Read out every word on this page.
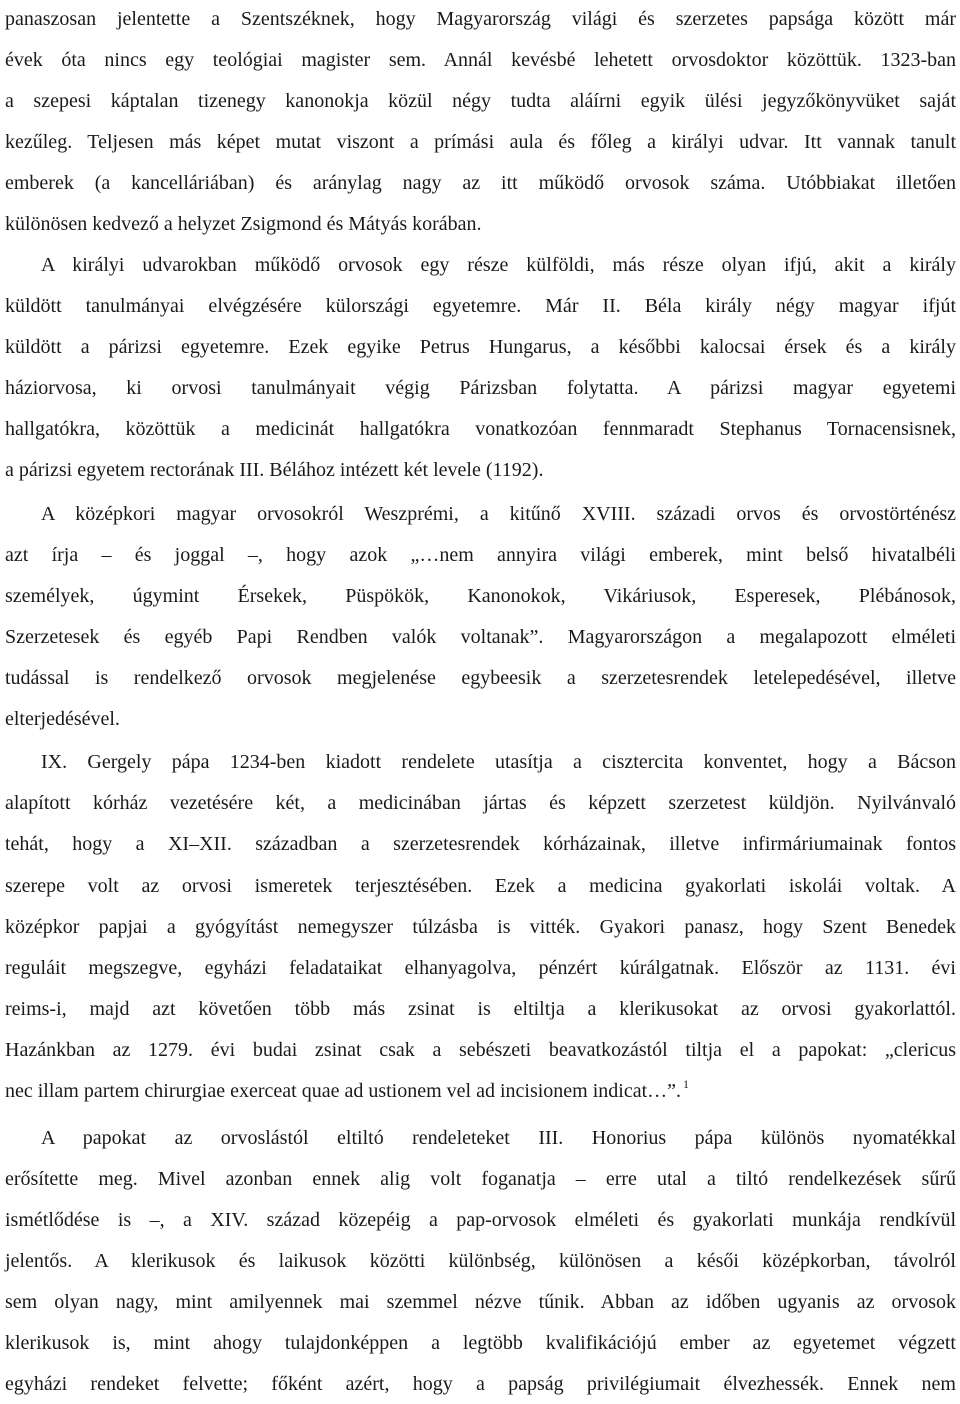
panaszosan jelentette a Szentszéknek, hogy Magyarország világi és szerzetes papsága között már
évek óta nincs egy teológiai magister sem. Annál kevésbé lehetett orvosdoktor közöttük. 1323-ban
a szepesi káptalan tizenegy kanonokja közül négy tudta aláírni egyik ülési jegyzőkönyvüket saját
kezűleg. Teljesen más képet mutat viszont a prímási aula és főleg a királyi udvar. Itt vannak tanult
emberek (a kancelláriában) és aránylag nagy az itt működő orvosok száma. Utóbbiakat illetően
különösen kedvező a helyzet Zsigmond és Mátyás korában.
A királyi udvarokban működő orvosok egy része külföldi, más része olyan ifjú, akit a király
küldött tanulmányai elvégzésére külországi egyetemre. Már II. Béla király négy magyar ifjút
küldött a párizsi egyetemre. Ezek egyike Petrus Hungarus, a későbbi kalocsai érsek és a király
háziorvosa, ki orvosi tanulmányait végig Párizsban folytatta. A párizsi magyar egyetemi
hallgatókra, közöttük a medicinát hallgatókra vonatkozóan fennmaradt Stephanus Tornacensisnek,
a párizsi egyetem rectorának III. Bélához intézett két levele (1192).
A középkori magyar orvosokról Weszprémi, a kitűnő XVIII. századi orvos és orvostörténész
azt írja – és joggal –, hogy azok „…nem annyira világi emberek, mint belső hivatalbéli
személyek, úgymint Érsekek, Püspökök, Kanonokok, Vikáriusok, Esperesek, Plébánosok,
Szerzetesek és egyéb Papi Rendben valók voltanak”. Magyarországon a megalapozott elméleti
tudással is rendelkező orvosok megjelenése egybeesik a szerzetesrendek letelepedésével, illetve
elterjedésével.
IX. Gergely pápa 1234-ben kiadott rendelete utasítja a cisztercita konventet, hogy a Bácson
alapított kórház vezetésére két, a medicinában jártas és képzett szerzetest küldjön. Nyilvánvaló
tehát, hogy a XI–XII. században a szerzetesrendek kórházainak, illetve infirmáriumainak fontos
szerepe volt az orvosi ismeretek terjesztésében. Ezek a medicina gyakorlati iskolái voltak. A
középkor papjai a gyógyítást nemegyszer túlzásba is vitték. Gyakori panasz, hogy Szent Benedek
reguláit megszegve, egyházi feladataikat elhanyagolva, pénzért kúrálgatnak. Először az 1131. évi
reims-i, majd azt követően több más zsinat is eltiltja a klerikusokat az orvosi gyakorlattól.
Hazánkban az 1279. évi budai zsinat csak a sebészeti beavatkozástól tiltja el a papokat: „clericus
nec illam partem chirurgiae exerceat quae ad ustionem vel ad incisionem indicat…”. $^1$
A papokat az orvoslástól eltiltó rendeleteket III. Honorius pápa különös nyomatékkal
erősítette meg. Mivel azonban ennek alig volt foganatja – erre utal a tiltó rendelkezések sűrű
ismétlődése is –, a XIV. század közepéig a pap-orvosok elméleti és gyakorlati munkája rendkívül
jelentős. A klerikusok és laikusok közötti különbség, különösen a késői középkorban, távolról
sem olyan nagy, mint amilyennek mai szemmel nézve tűnik. Abban az időben ugyanis az orvosok
klerikusok is, mint ahogy tulajdonképpen a legtöbb kvalifikációjú ember az egyetemet végzett
egyházi rendeket felvette; főként azért, hogy a papság privilégiumait élvezhessék. Ennek nem
